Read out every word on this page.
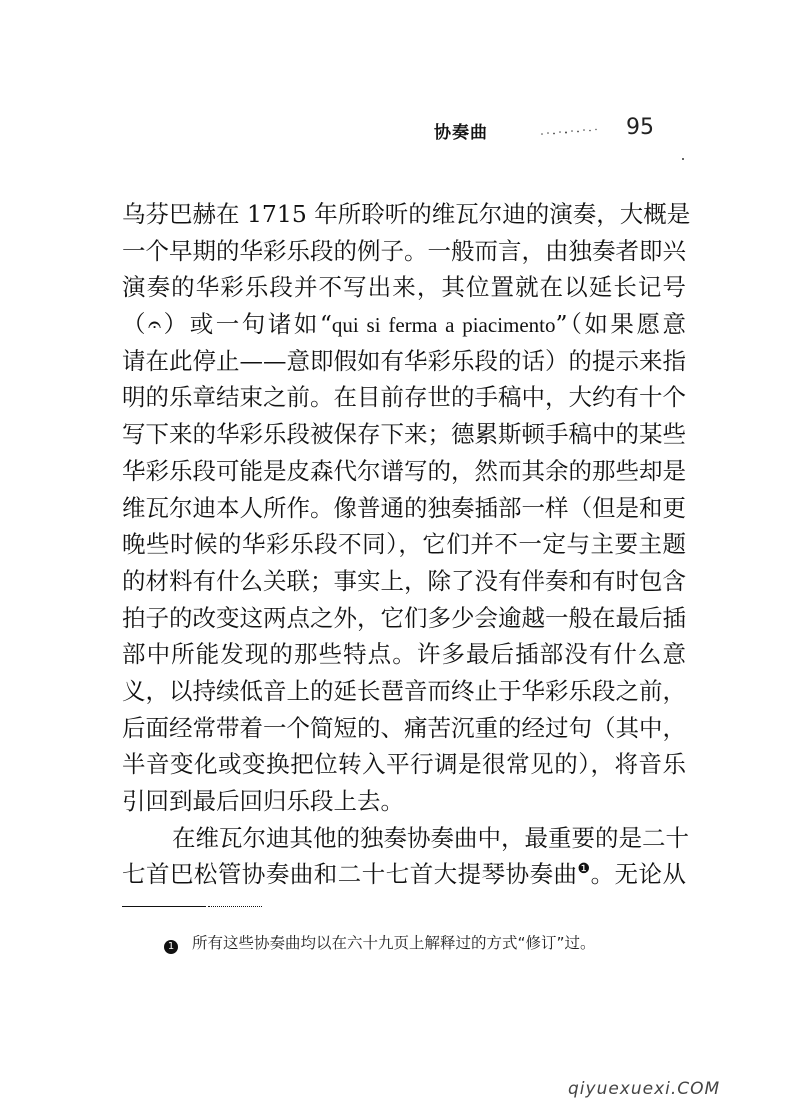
协奏曲	95
乌芬巴赫在 1715 年所聆听的维瓦尔迪的演奏，大概是
一个早期的华彩乐段的例子。一般而言，由独奏者即兴
演奏的华彩乐段并不写出来，其位置就在以延长记号
（𝄐）或一句诸如“qui si ferma a piacimento”（如果愿意
请在此停止——意即假如有华彩乐段的话）的提示来指
明的乐章结束之前。在目前存世的手稿中，大约有十个
写下来的华彩乐段被保存下来；德累斯顿手稿中的某些
华彩乐段可能是皮森代尔谱写的，然而其余的那些却是
维瓦尔迪本人所作。像普通的独奏插部一样（但是和更
晚些时候的华彩乐段不同），它们并不一定与主要主题
的材料有什么关联；事实上，除了没有伴奏和有时包含
拍子的改变这两点之外，它们多少会逾越一般在最后插
部中所能发现的那些特点。许多最后插部没有什么意
义，以持续低音上的延长琶音而终止于华彩乐段之前，
后面经常带着一个简短的、痛苦沉重的经过句（其中，
半音变化或变换把位转入平行调是很常见的），将音乐
引回到最后回归乐段上去。
在维瓦尔迪其他的独奏协奏曲中，最重要的是二十
七首巴松管协奏曲和二十七首大提琴协奏曲$^❶$。无论从
1 所有这些协奏曲均以在六十九页上解释过的方式“修订”过。
qiyuexuexi.COM
